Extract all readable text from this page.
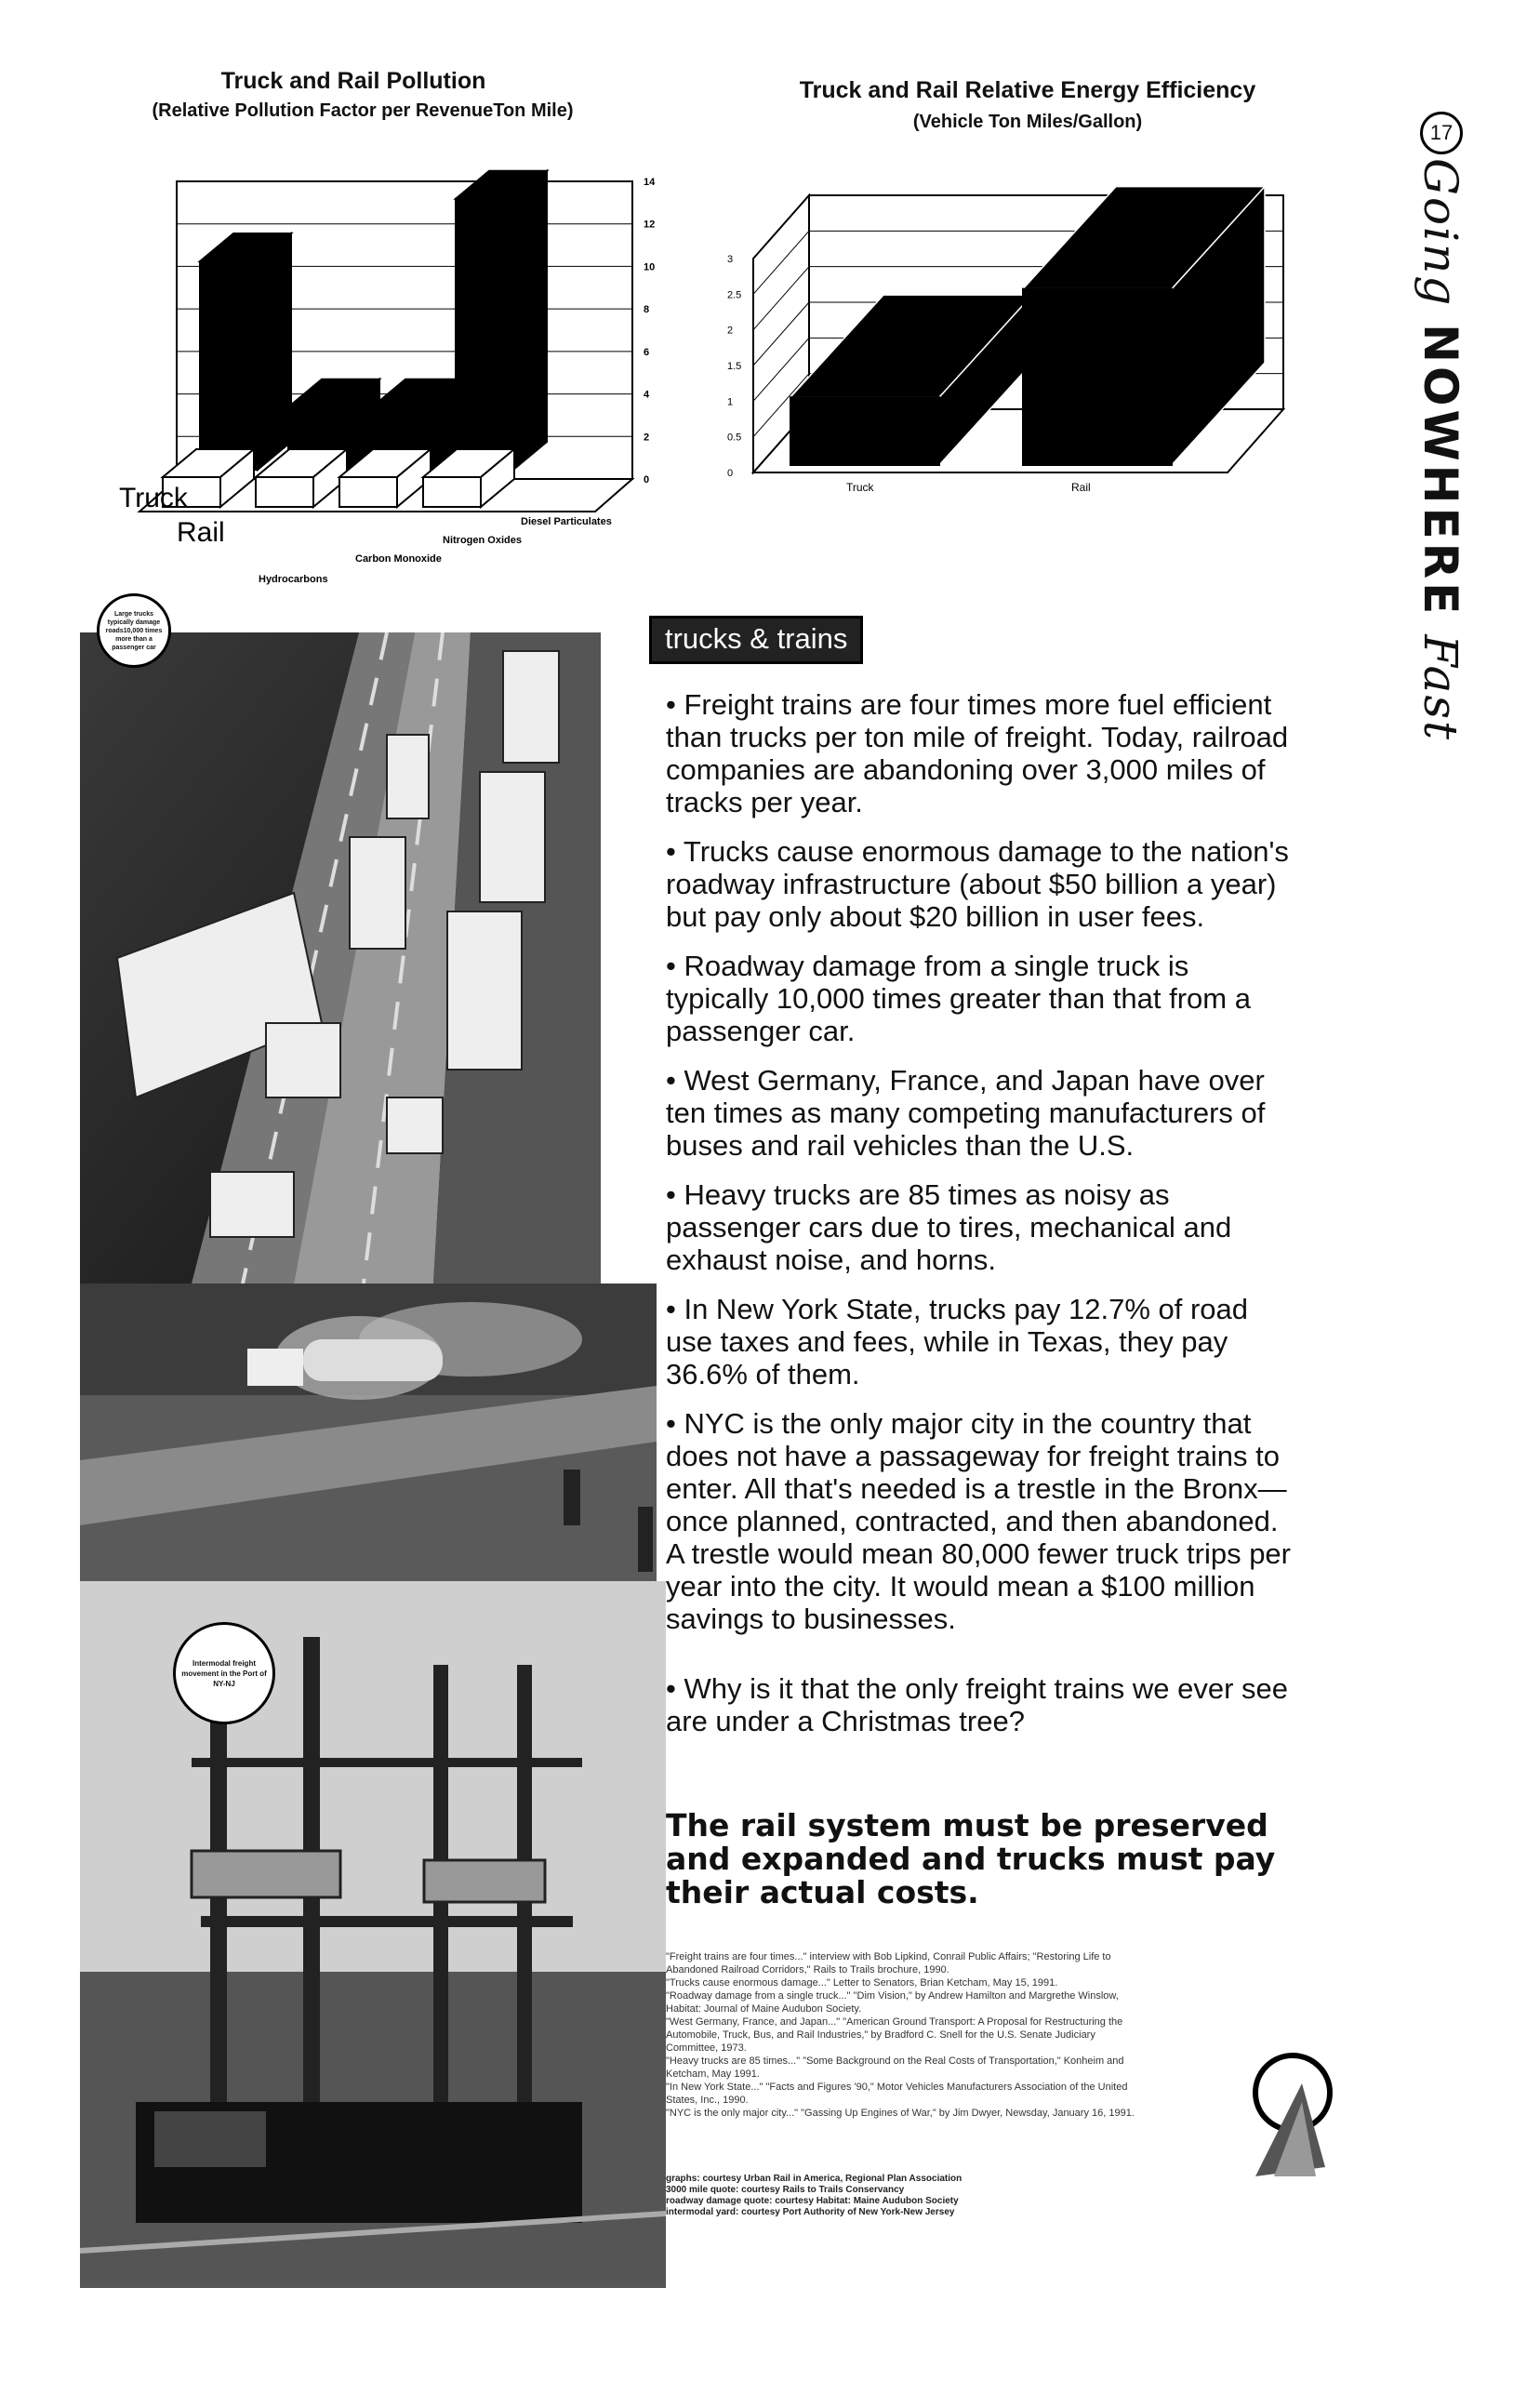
Truck and Rail Pollution
(Relative Pollution Factor per RevenueTon Mile)
0
2
4
6
8
10
12
14
Truck
Rail	Diesel Particulates
Nitrogen Oxides
Carbon Monoxide
Hydrocarbons
Truck and Rail Relative Energy Efficiency
(Vehicle Ton Miles/Gallon)
0
0.5
1
1.5
2
2.5
3
Truck	Rail
17
Going NOWHERE Fast
Large trucks typically damage roads10,000 times more than a passenger car
Intermodal freight movement in the Port of NY-NJ
trucks & trains

• Freight trains are four times more fuel efficient than trucks per ton mile of freight. Today, railroad companies are abandoning over 3,000 miles of tracks per year.

• Trucks cause enormous damage to the nation's roadway infrastructure (about $50 billion a year) but pay only about $20 billion in user fees.

• Roadway damage from a single truck is typically 10,000 times greater than that from a passenger car.

• West Germany, France, and Japan have over ten times as many competing manufacturers of buses and rail vehicles than the U.S.

• Heavy trucks are 85 times as noisy as passenger cars due to tires, mechanical and exhaust noise, and horns.

• In New York State, trucks pay 12.7% of road use taxes and fees, while in Texas, they pay 36.6% of them.

• NYC is the only major city in the country that does not have a passageway for freight trains to enter. All that's needed is a trestle in the Bronx—once planned, contracted, and then abandoned. A trestle would mean 80,000 fewer truck trips per year into the city. It would mean a $100 million savings to businesses.

• Why is it that the only freight trains we ever see are under a Christmas tree?

The rail system must be preserved and expanded and trucks must pay their actual costs.
"Freight trains are four times..." interview with Bob Lipkind, Conrail Public Affairs; "Restoring Life to Abandoned Railroad Corridors," Rails to Trails brochure, 1990.
"Trucks cause enormous damage..." Letter to Senators, Brian Ketcham, May 15, 1991.
"Roadway damage from a single truck..." "Dim Vision," by Andrew Hamilton and Margrethe Winslow, Habitat: Journal of Maine Audubon Society.
"West Germany, France, and Japan..." "American Ground Transport: A Proposal for Restructuring the Automobile, Truck, Bus, and Rail Industries," by Bradford C. Snell for the U.S. Senate Judiciary Committee, 1973.
"Heavy trucks are 85 times..." "Some Background on the Real Costs of Transportation," Konheim and Ketcham, May 1991.
"In New York State..." "Facts and Figures '90," Motor Vehicles Manufacturers Association of the United States, Inc., 1990.
"NYC is the only major city..." "Gassing Up Engines of War," by Jim Dwyer, Newsday, January 16, 1991.
graphs: courtesy Urban Rail in America, Regional Plan Association
3000 mile quote: courtesy Rails to Trails Conservancy
roadway damage quote: courtesy Habitat: Maine Audubon Society
intermodal yard: courtesy Port Authority of New York-New Jersey
